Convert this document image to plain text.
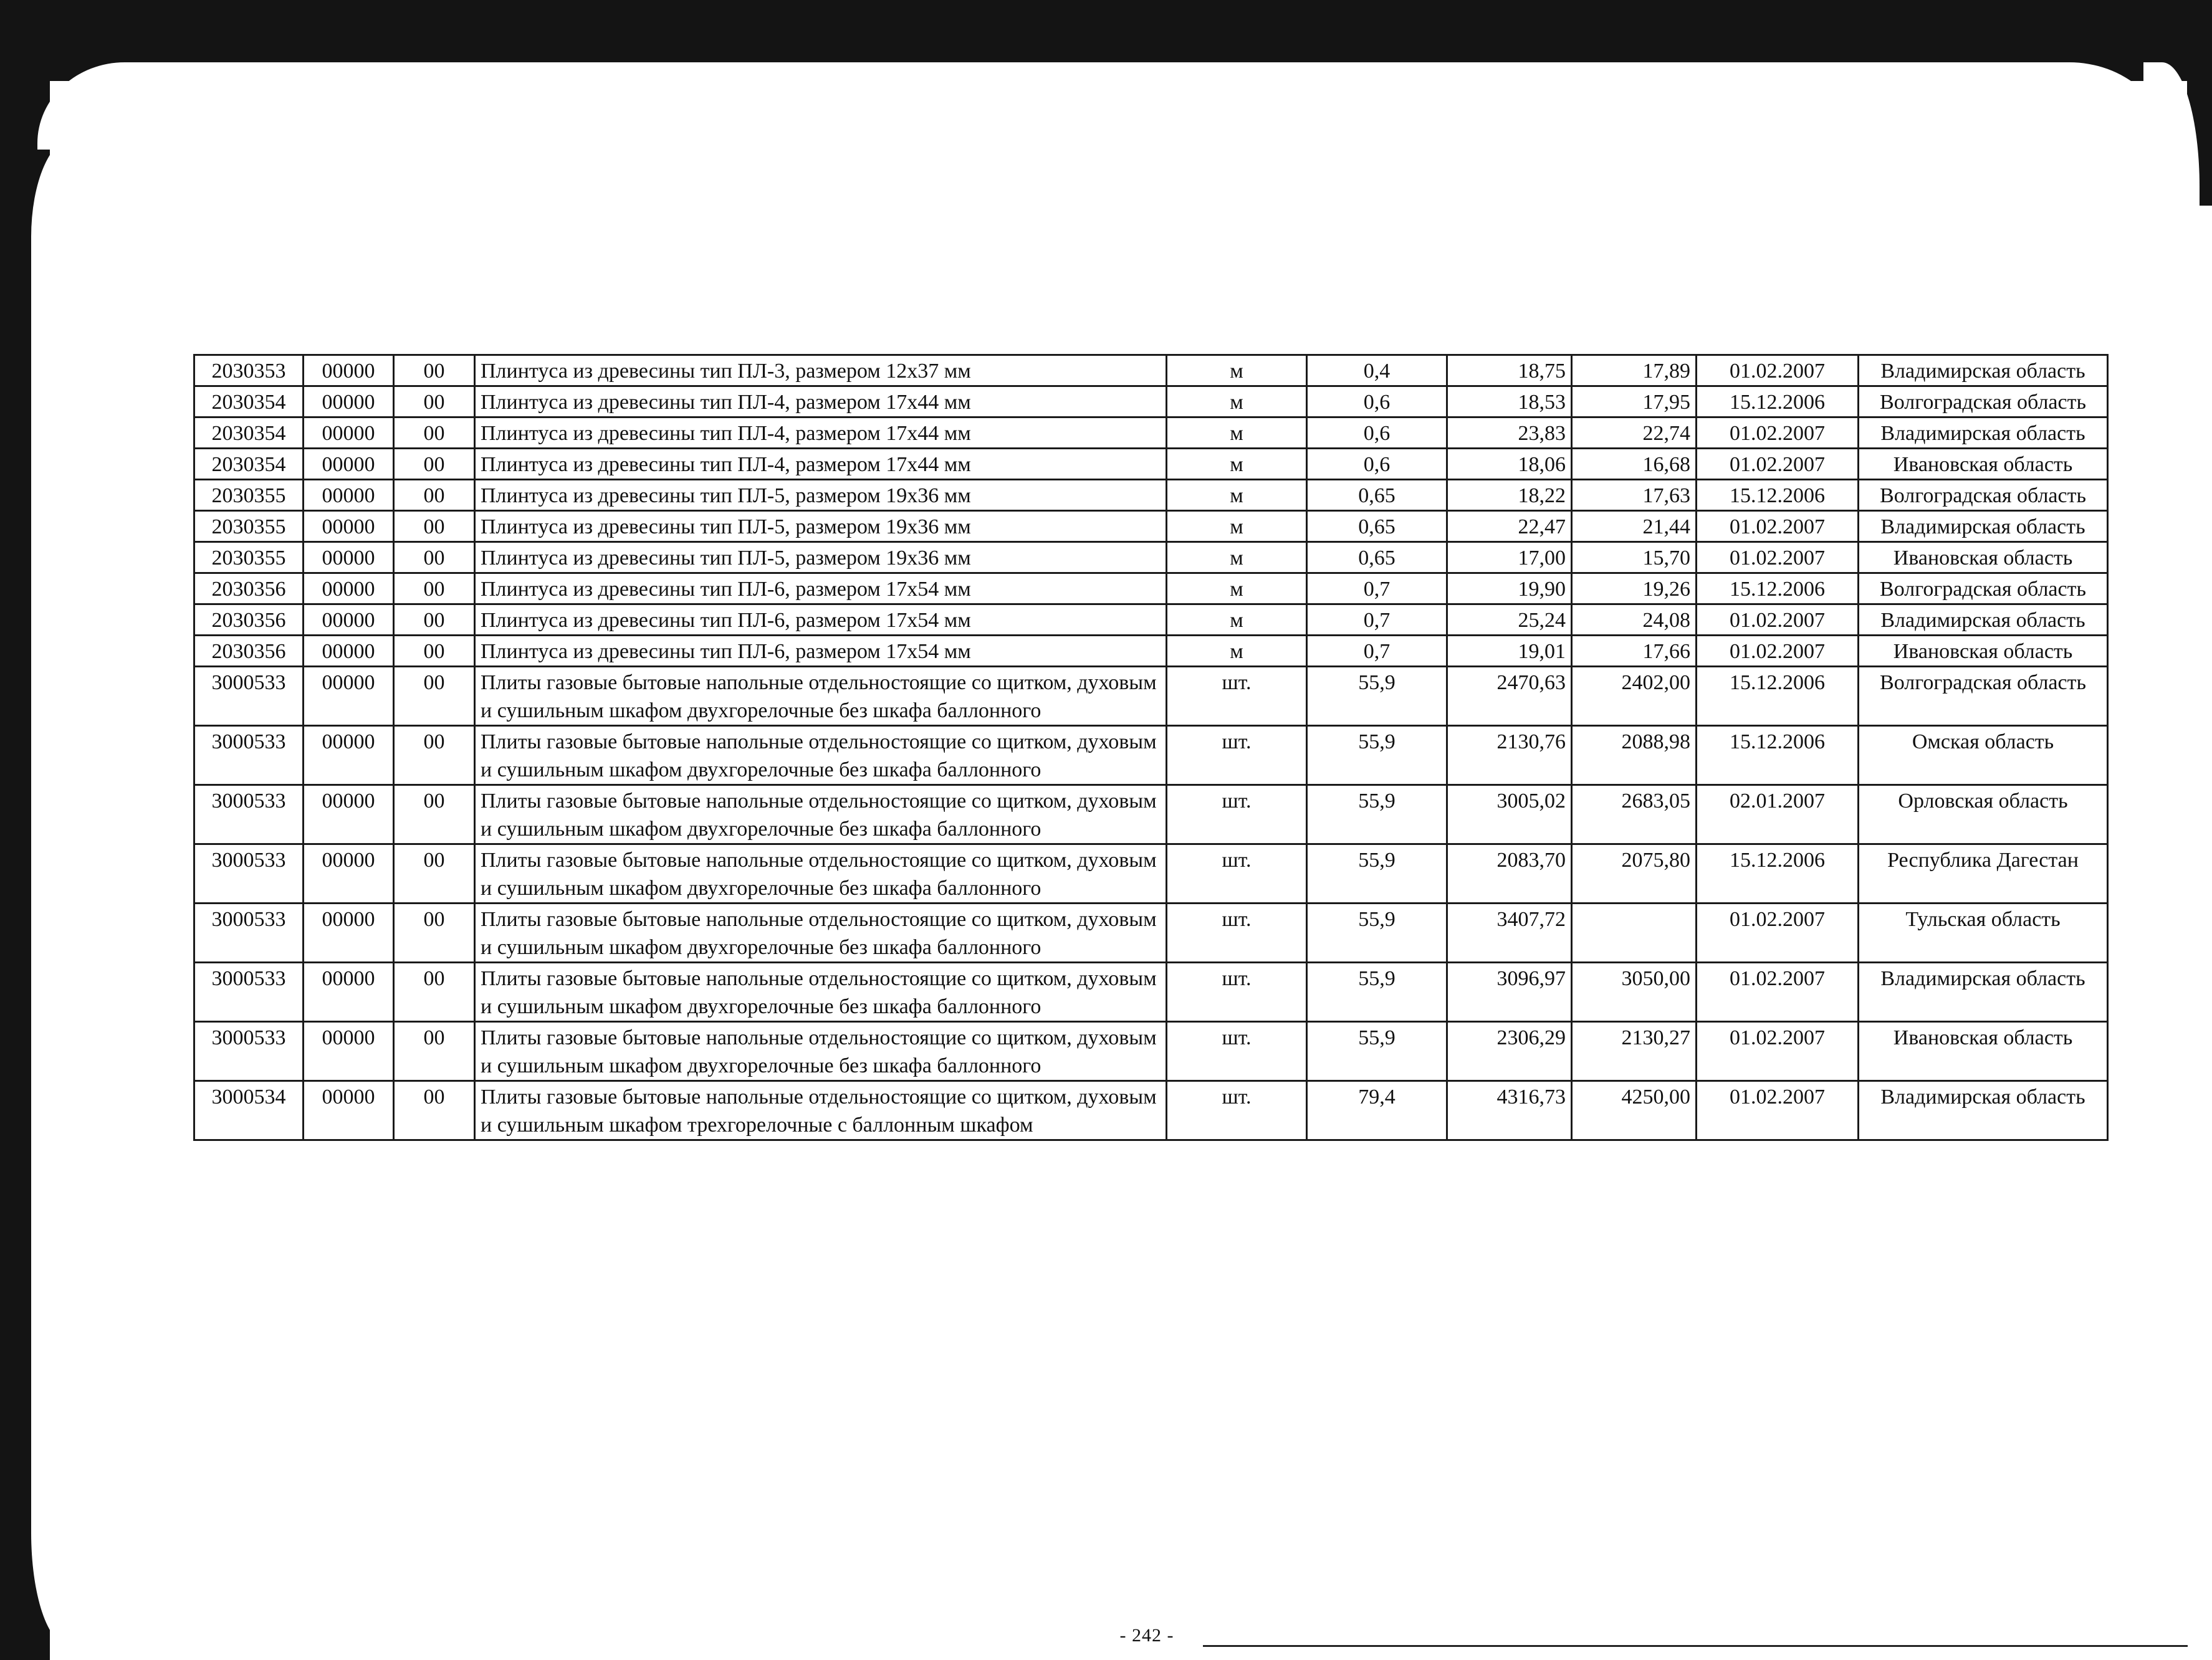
2030353	00000	00	Плинтуса из древесины тип ПЛ-3, размером 12х37 мм	м	0,4	18,75	17,89	01.02.2007	Владимирская область
2030354	00000	00	Плинтуса из древесины тип ПЛ-4, размером 17х44 мм	м	0,6	18,53	17,95	15.12.2006	Волгоградская область
2030354	00000	00	Плинтуса из древесины тип ПЛ-4, размером 17х44 мм	м	0,6	23,83	22,74	01.02.2007	Владимирская область
2030354	00000	00	Плинтуса из древесины тип ПЛ-4, размером 17х44 мм	м	0,6	18,06	16,68	01.02.2007	Ивановская область
2030355	00000	00	Плинтуса из древесины тип ПЛ-5, размером 19х36 мм	м	0,65	18,22	17,63	15.12.2006	Волгоградская область
2030355	00000	00	Плинтуса из древесины тип ПЛ-5, размером 19х36 мм	м	0,65	22,47	21,44	01.02.2007	Владимирская область
2030355	00000	00	Плинтуса из древесины тип ПЛ-5, размером 19х36 мм	м	0,65	17,00	15,70	01.02.2007	Ивановская область
2030356	00000	00	Плинтуса из древесины тип ПЛ-6, размером 17х54 мм	м	0,7	19,90	19,26	15.12.2006	Волгоградская область
2030356	00000	00	Плинтуса из древесины тип ПЛ-6, размером 17х54 мм	м	0,7	25,24	24,08	01.02.2007	Владимирская область
2030356	00000	00	Плинтуса из древесины тип ПЛ-6, размером 17х54 мм	м	0,7	19,01	17,66	01.02.2007	Ивановская область
3000533	00000	00	Плиты газовые бытовые напольные отдельностоящие со щитком, духовым и сушильным шкафом двухгорелочные без шкафа баллонного	шт.	55,9	2470,63	2402,00	15.12.2006	Волгоградская область
3000533	00000	00	Плиты газовые бытовые напольные отдельностоящие со щитком, духовым и сушильным шкафом двухгорелочные без шкафа баллонного	шт.	55,9	2130,76	2088,98	15.12.2006	Омская область
3000533	00000	00	Плиты газовые бытовые напольные отдельностоящие со щитком, духовым и сушильным шкафом двухгорелочные без шкафа баллонного	шт.	55,9	3005,02	2683,05	02.01.2007	Орловская область
3000533	00000	00	Плиты газовые бытовые напольные отдельностоящие со щитком, духовым и сушильным шкафом двухгорелочные без шкафа баллонного	шт.	55,9	2083,70	2075,80	15.12.2006	Республика Дагестан
3000533	00000	00	Плиты газовые бытовые напольные отдельностоящие со щитком, духовым и сушильным шкафом двухгорелочные без шкафа баллонного	шт.	55,9	3407,72		01.02.2007	Тульская область
3000533	00000	00	Плиты газовые бытовые напольные отдельностоящие со щитком, духовым и сушильным шкафом двухгорелочные без шкафа баллонного	шт.	55,9	3096,97	3050,00	01.02.2007	Владимирская область
3000533	00000	00	Плиты газовые бытовые напольные отдельностоящие со щитком, духовым и сушильным шкафом двухгорелочные без шкафа баллонного	шт.	55,9	2306,29	2130,27	01.02.2007	Ивановская область
3000534	00000	00	Плиты газовые бытовые напольные отдельностоящие со щитком, духовым и сушильным шкафом трехгорелочные с баллонным шкафом	шт.	79,4	4316,73	4250,00	01.02.2007	Владимирская область
- 242 -
